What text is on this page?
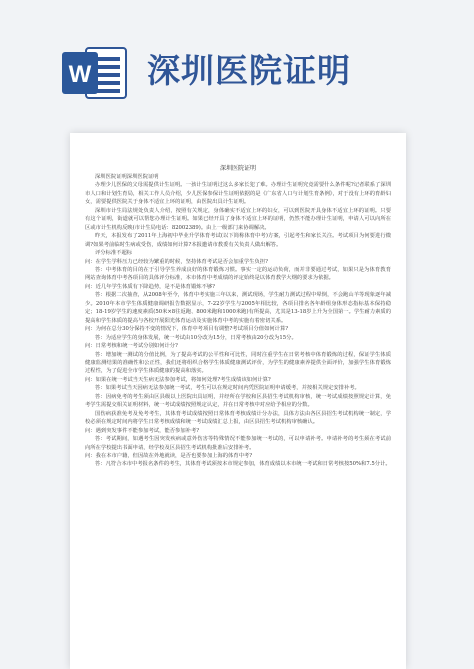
W 深圳医院证明
深圳医院证明

深圳医院证明深圳医院证明

办理少儿医保的父母需提供计生证明。一孩计生证明过这么多家长犯了难。办理计生证明究竟需要什么条件呢?记者联系了深圳市人口和计划生育局，相关工作人员介绍，少儿医保参保计生证明依据的是《广东省人口与计划生育条例》，对于没有上环的育龄妇女，需要提供医院关于身体不适宜上环的证明，由医院出具计生证明。

深圳市计生局法规处负责人介绍，按照有关规定，身体确实不适宜上环的妇女，可以到医院开具身体不适宜上环的证明。只要有这个证明，街道就可以帮您办理计生证明。如果已经开具了身体不适宜上环的证明，仍然不能办理计生证明，申请人可以向所在区或市计生机构反映(市计生局电话：82002389)。由上一级部门来协调解决。

昨天，本报发布了2011年上海初中毕业升学体育考试(以下简称体育中考)方案，引起考生和家长关注。考试项目为何要进行微调?如果考前临时生病或受伤，成绩如何计算?本报邀请市教委有关负责人做出解答。

评分标准不超标

问：在学生学科压力已经较为繁重的时候，坚持体育考试是否会加重学生负担?

答：中考体育的目的在于引导学生养成良好的体育锻炼习惯。事实一定的运动负荷，而并非要通过考试，如果只是为体育教育网站查询体育中考各项目的具体评分标准，本市体育中考成绩的评定始终是以体育教学大纲的要求为依据。

问：近几年学生体质有下降趋势，是不是体育锻炼不够?

答：根据二次抽查，从2008年至今，体育中考实施三年以来，测试现场，学生耐力测试过程中晕倒，不会跑山羊等现象逐年减少。2010年本市学生体质健康调研报告数据显示，7-22岁学生与2005年相比较，各项目排名各年龄组身体形态指标基本保持稳定；18-19岁学生的速度素质(50米×8往返跑、800米跑和1000米跑)有所提高，尤其是13-18岁上升为全国第一。学生耐力素质的提高和学生体质的提高与各校开展阳光体育运动及实施体育中考的实施有着密切关系。

问：为何在总分30分保持不变的情况下，体育中考项目有调整?考试项目分值如何计算?

答：为适应学生的身体发展，统一考试由10分改为15分，日常考核由20分改为15分。

问：日常考核和统一考试分别如何计分?

答：增加统一测试的分值比例，为了提高考试的公平性和可比性，同时注重学生在日常考核中体育锻炼的过程，保证学生体质健康监测结果的准确性和公正性，我们还将组织合格学生体质健康测试评价，为学生的健康素养提供全面评价，加强学生体育锻炼过程性，为了促进全市学生体质健康的提高和落实。

问：如果在统一考试当天生病无法参加考试，将如何处理?考生成绩该如何计算?

答：如果考试当天因病无法参加统一考试，考生可以在规定时间内凭医院证明申请缓考，并按相关规定安排补考。

答：因病免考的考生须由区县级以上医院出具证明，并经所在学校和区县招生考试机构审核，统一考试成绩按照规定计算，免考学生需提交相关证明材料，统一考试成绩按照规定认定，并在日常考核中对应给予相应的分数。

国伤病获准免考及免考考生，其体育考试成绩按照日常体育考核成绩计分办法，具体方法由各区县招生考试机构统一制定，学校必须在规定时间内将学生日常考核成绩和统一考试成绩汇总上报，由区县招生考试机构审核确认。

问：遇到突发事件不能参加考试，能否参加补考?

答：考试期间，如遇考生因突发疾病或意外伤害等特殊情况不能参加统一考试的，可以申请补考。申请补考的考生须在考试前向所在学校提出书面申请，经学校及区县招生考试机构批准后安排补考。

问：我在本市户籍，但因故在外地就读，是否也要参加上海的体育中考?

答：凡符合本市中考报名条件的考生，其体育考试须按本市规定参加，体育成绩以本市统一考试和日常考核按50%和7.5分计。
